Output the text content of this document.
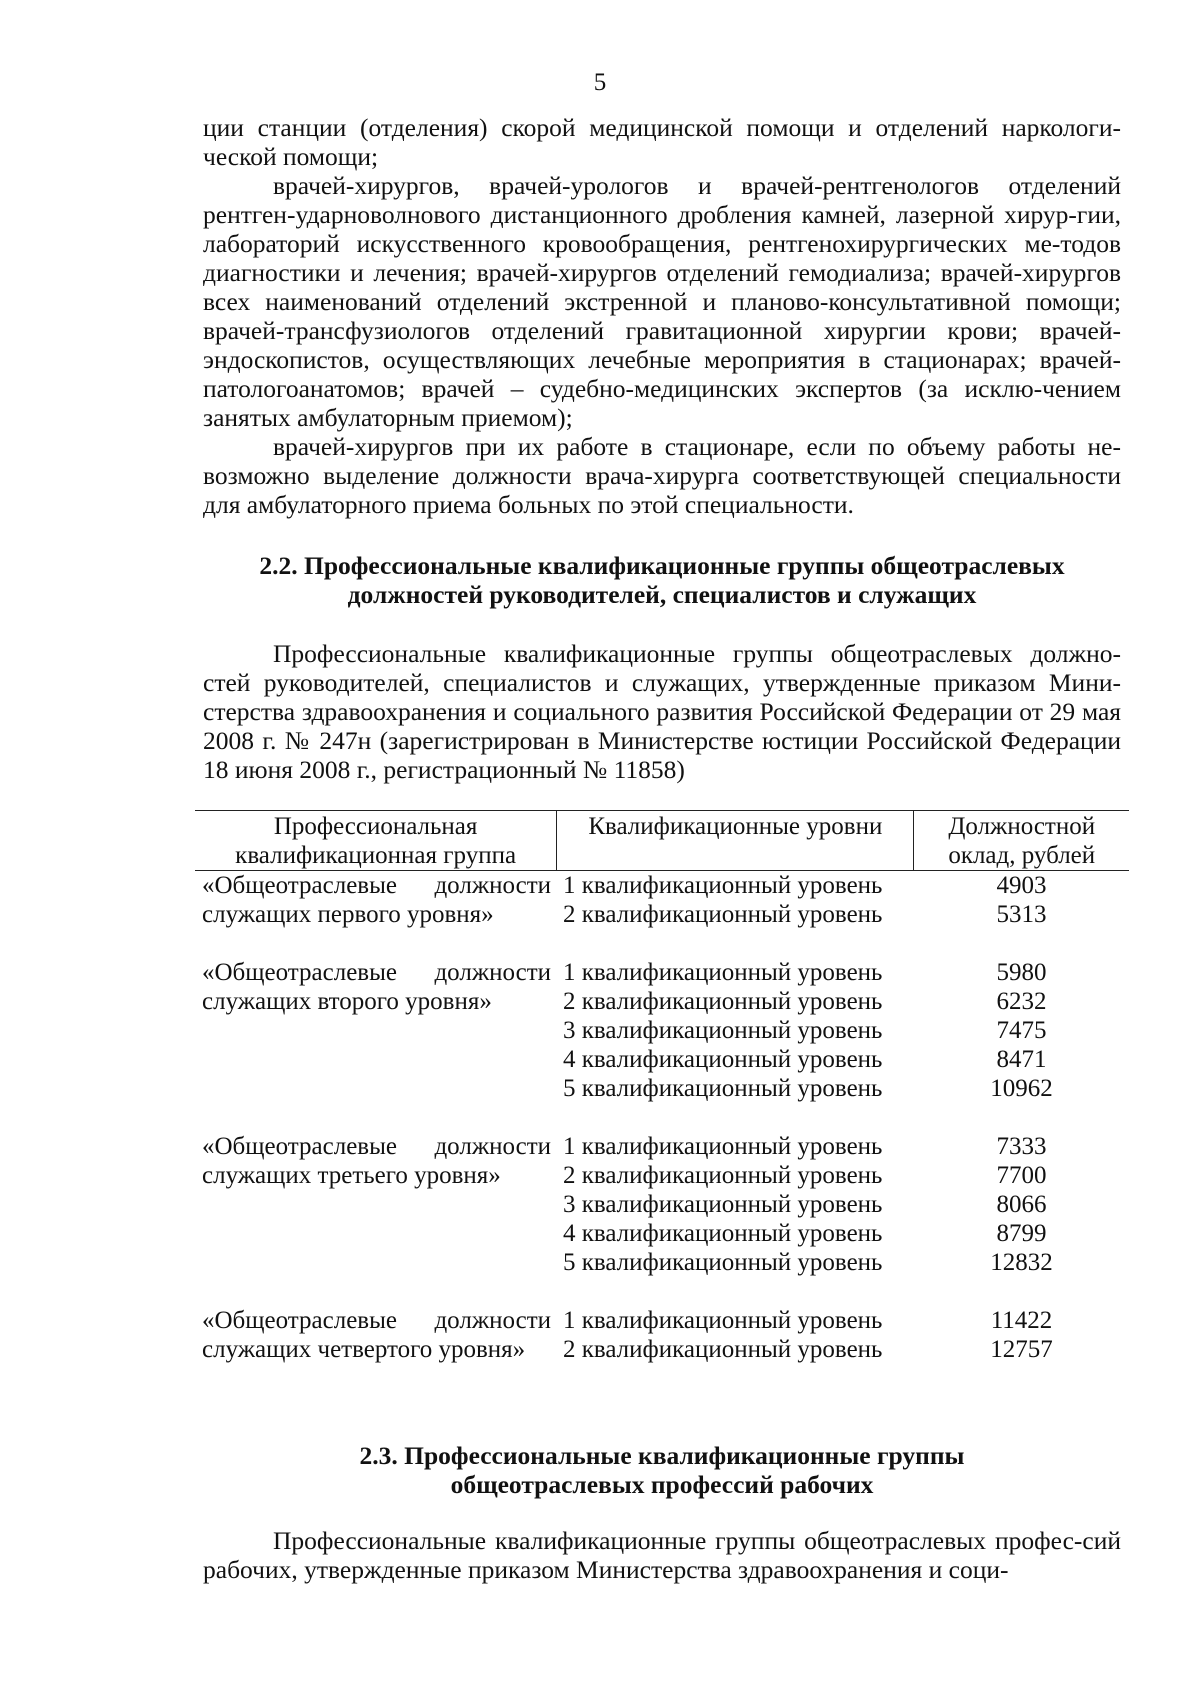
5

ции станции (отделения) скорой медицинской помощи и отделений наркологи-ческой помощи;

врачей-хирургов, врачей-урологов и врачей-рентгенологов отделений рентген-ударноволнового дистанционного дробления камней, лазерной хирур-гии, лабораторий искусственного кровообращения, рентгенохирургических ме-тодов диагностики и лечения; врачей-хирургов отделений гемодиализа; врачей-хирургов всех наименований отделений экстренной и планово-консультативной помощи; врачей-трансфузиологов отделений гравитационной хирургии крови; врачей-эндоскопистов, осуществляющих лечебные мероприятия в стационарах; врачей-патологоанатомов; врачей – судебно-медицинских экспертов (за исклю-чением занятых амбулаторным приемом);

врачей-хирургов при их работе в стационаре, если по объему работы не-возможно выделение должности врача-хирурга соответствующей специальности для амбулаторного приема больных по этой специальности.

2.2. Профессиональные квалификационные группы общеотраслевых
должностей руководителей, специалистов и служащих

Профессиональные квалификационные группы общеотраслевых должно-стей руководителей, специалистов и служащих, утвержденные приказом Мини-стерства здравоохранения и социального развития Российской Федерации от 29 мая 2008 г. № 247н (зарегистрирован в Министерстве юстиции Российской Федерации 18 июня 2008 г., регистрационный № 11858)

Профессиональная
квалификационная группа
Квалификационные уровни	Должностной
оклад, рублей
«Общеотраслевые должности служащих первого уровня»
1 квалификационный уровень
2 квалификационный уровень
4903
5313
«Общеотраслевые должности служащих второго уровня»
1 квалификационный уровень
2 квалификационный уровень
3 квалификационный уровень
4 квалификационный уровень
5 квалификационный уровень
5980
6232
7475
8471
10962
«Общеотраслевые должности служащих третьего уровня»
1 квалификационный уровень
2 квалификационный уровень
3 квалификационный уровень
4 квалификационный уровень
5 квалификационный уровень
7333
7700
8066
8799
12832
«Общеотраслевые должности служащих четвертого уровня»
1 квалификационный уровень
2 квалификационный уровень
11422
12757
2.3. Профессиональные квалификационные группы
общеотраслевых профессий рабочих

Профессиональные квалификационные группы общеотраслевых профес-сий рабочих, утвержденные приказом Министерства здравоохранения и соци-
